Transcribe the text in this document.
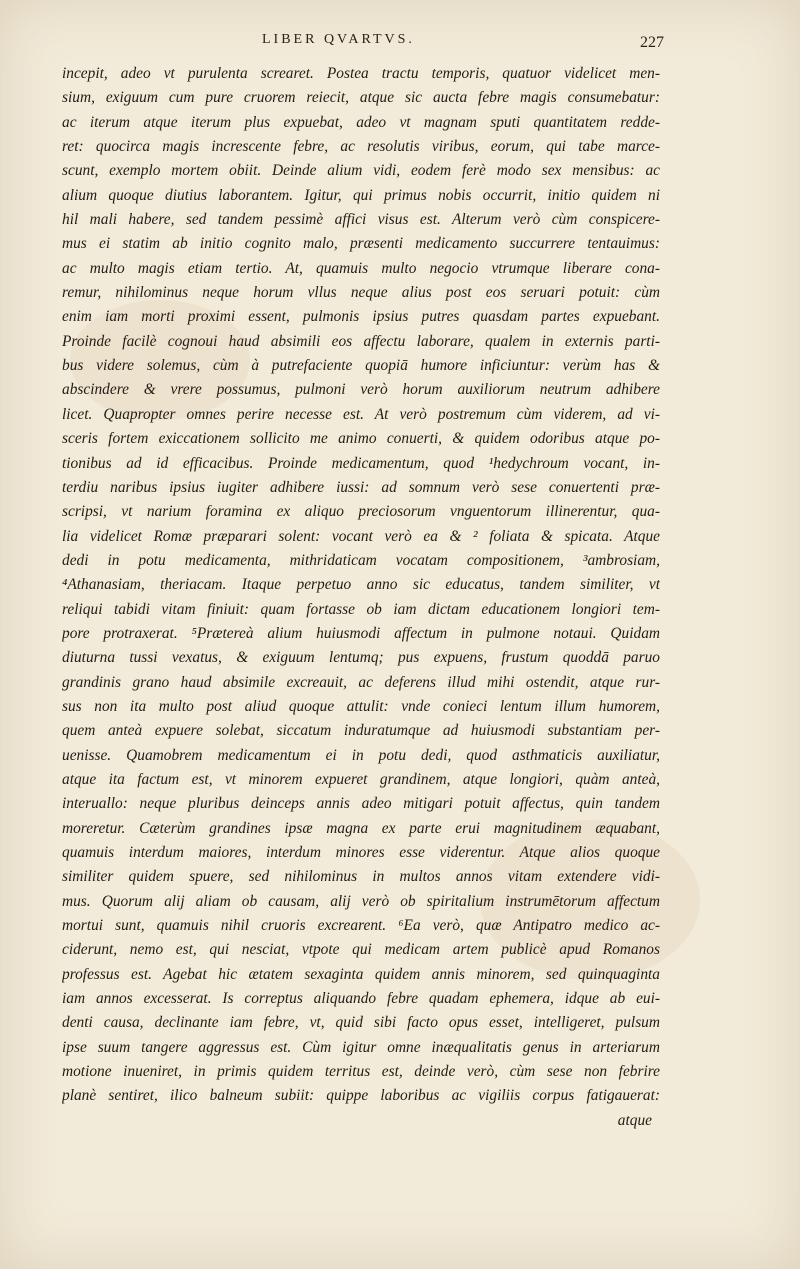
LIBER QVARTVS.	227
incepit, adeo vt purulenta screaret. Postea tractu temporis, quatuor videlicet men-
sium, exiguum cum pure cruorem reiecit, atque sic aucta febre magis consumebatur:
ac iterum atque iterum plus expuebat, adeo vt magnam sputi quantitatem redde-
ret: quocirca magis increscente febre, ac resolutis viribus, eorum, qui tabe marce-
scunt, exemplo mortem obiit. Deinde alium vidi, eodem ferè modo sex mensibus: ac
alium quoque diutius laborantem. Igitur, qui primus nobis occurrit, initio quidem ni
hil mali habere, sed tandem pessimè affici visus est. Alterum verò cùm conspicere-
mus ei statim ab initio cognito malo, præsenti medicamento succurrere tentauimus:
ac multo magis etiam tertio. At, quamuis multo negocio vtrumque liberare cona-
remur, nihilominus neque horum vllus neque alius post eos seruari potuit: cùm
enim iam morti proximi essent, pulmonis ipsius putres quasdam partes expuebant.
Proinde facilè cognoui haud absimili eos affectu laborare, qualem in externis parti-
bus videre solemus, cùm à putrefaciente quopiā humore inficiuntur: verùm has &
abscindere & vrere possumus, pulmoni verò horum auxiliorum neutrum adhibere
licet. Quapropter omnes perire necesse est. At verò postremum cùm viderem, ad vi-
sceris fortem exiccationem sollicito me animo conuerti, & quidem odoribus atque po-
tionibus ad id efficacibus. Proinde medicamentum, quod ¹hedychroum vocant, in-
terdiu naribus ipsius iugiter adhibere iussi: ad somnum verò sese conuertenti præ-
scripsi, vt narium foramina ex aliquo preciosorum vnguentorum illinerentur, qua-
lia videlicet Romæ præparari solent: vocant verò ea & ² foliata & spicata. Atque
dedi in potu medicamenta, mithridaticam vocatam compositionem, ³ambrosiam,
⁴Athanasiam, theriacam. Itaque perpetuo anno sic educatus, tandem similiter, vt
reliqui tabidi vitam finiuit: quam fortasse ob iam dictam educationem longiori tem-
pore protraxerat. ⁵Prætereà alium huiusmodi affectum in pulmone notaui. Quidam
diuturna tussi vexatus, & exiguum lentumq; pus expuens, frustum quoddā paruo
grandinis grano haud absimile excreauit, ac deferens illud mihi ostendit, atque rur-
sus non ita multo post aliud quoque attulit: vnde conieci lentum illum humorem,
quem anteà expuere solebat, siccatum induratumque ad huiusmodi substantiam per-
uenisse. Quamobrem medicamentum ei in potu dedi, quod asthmaticis auxiliatur,
atque ita factum est, vt minorem expueret grandinem, atque longiori, quàm anteà,
interuallo: neque pluribus deinceps annis adeo mitigari potuit affectus, quin tandem
moreretur. Cæterùm grandines ipsæ magna ex parte erui magnitudinem æquabant,
quamuis interdum maiores, interdum minores esse viderentur. Atque alios quoque
similiter quidem spuere, sed nihilominus in multos annos vitam extendere vidi-
mus. Quorum alij aliam ob causam, alij verò ob spiritalium instrumētorum affectum
mortui sunt, quamuis nihil cruoris excrearent. ⁶Ea verò, quæ Antipatro medico ac-
ciderunt, nemo est, qui nesciat, vtpote qui medicam artem publicè apud Romanos
professus est. Agebat hic ætatem sexaginta quidem annis minorem, sed quinquaginta
iam annos excesserat. Is correptus aliquando febre quadam ephemera, idque ab eui-
denti causa, declinante iam febre, vt, quid sibi facto opus esset, intelligeret, pulsum
ipse suum tangere aggressus est. Cùm igitur omne inæqualitatis genus in arteriarum
motione inueniret, in primis quidem territus est, deinde verò, cùm sese non febrire
planè sentiret, ilico balneum subiit: quippe laboribus ac vigiliis corpus fatigauerat:
atque
